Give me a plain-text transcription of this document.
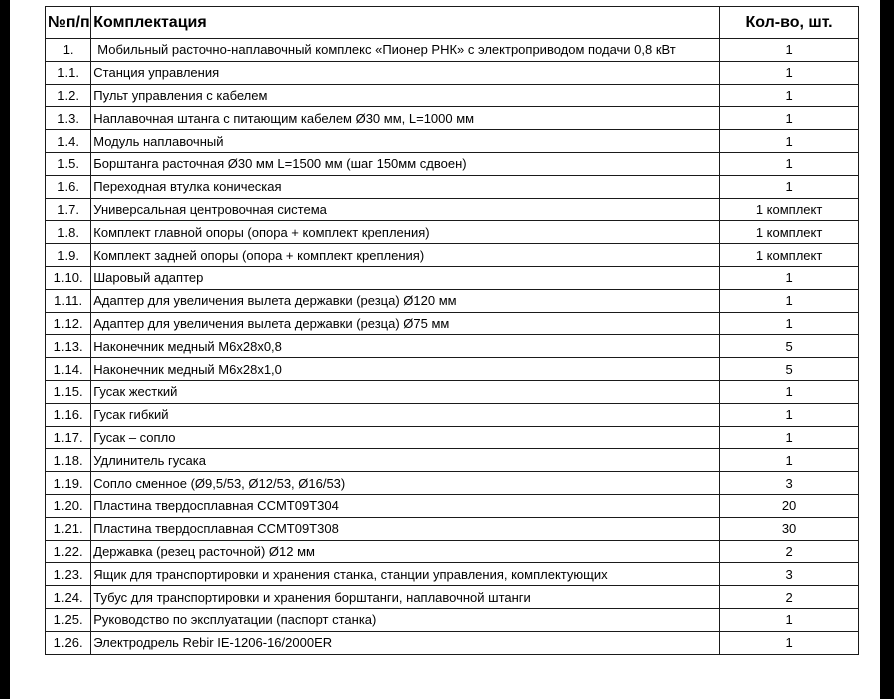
№п/п	Комплектация	Кол-во, шт.
1.	Мобильный расточно-наплавочный комплекс «Пионер РНК» с электроприводом подачи 0,8 кВт	1
1.1.	Станция управления	1
1.2.	Пульт управления с кабелем	1
1.3.	Наплавочная штанга с питающим кабелем Ø30 мм, L=1000 мм	1
1.4.	Модуль наплавочный	1
1.5.	Борштанга расточная Ø30 мм L=1500 мм (шаг 150мм сдвоен)	1
1.6.	Переходная втулка коническая	1
1.7.	Универсальная центровочная система	1 комплект
1.8.	Комплект главной опоры (опора + комплект крепления)	1 комплект
1.9.	Комплект задней опоры (опора + комплект крепления)	1 комплект
1.10.	Шаровый адаптер	1
1.11.	Адаптер для увеличения вылета державки (резца) Ø120 мм	1
1.12.	Адаптер для увеличения вылета державки (резца) Ø75 мм	1
1.13.	Наконечник медный М6x28x0,8	5
1.14.	Наконечник медный М6x28x1,0	5
1.15.	Гусак жесткий	1
1.16.	Гусак гибкий	1
1.17.	Гусак – сопло	1
1.18.	Удлинитель гусака	1
1.19.	Сопло сменное (Ø9,5/53, Ø12/53, Ø16/53)	3
1.20.	Пластина твердосплавная CCMT09T304	20
1.21.	Пластина твердосплавная CCMT09T308	30
1.22.	Державка (резец расточной) Ø12 мм	2
1.23.	Ящик для транспортировки и хранения станка, станции управления, комплектующих	3
1.24.	Тубус для транспортировки и хранения борштанги, наплавочной штанги	2
1.25.	Руководство по эксплуатации (паспорт станка)	1
1.26.	Электродрель Rebir IE-1206-16/2000ER	1
